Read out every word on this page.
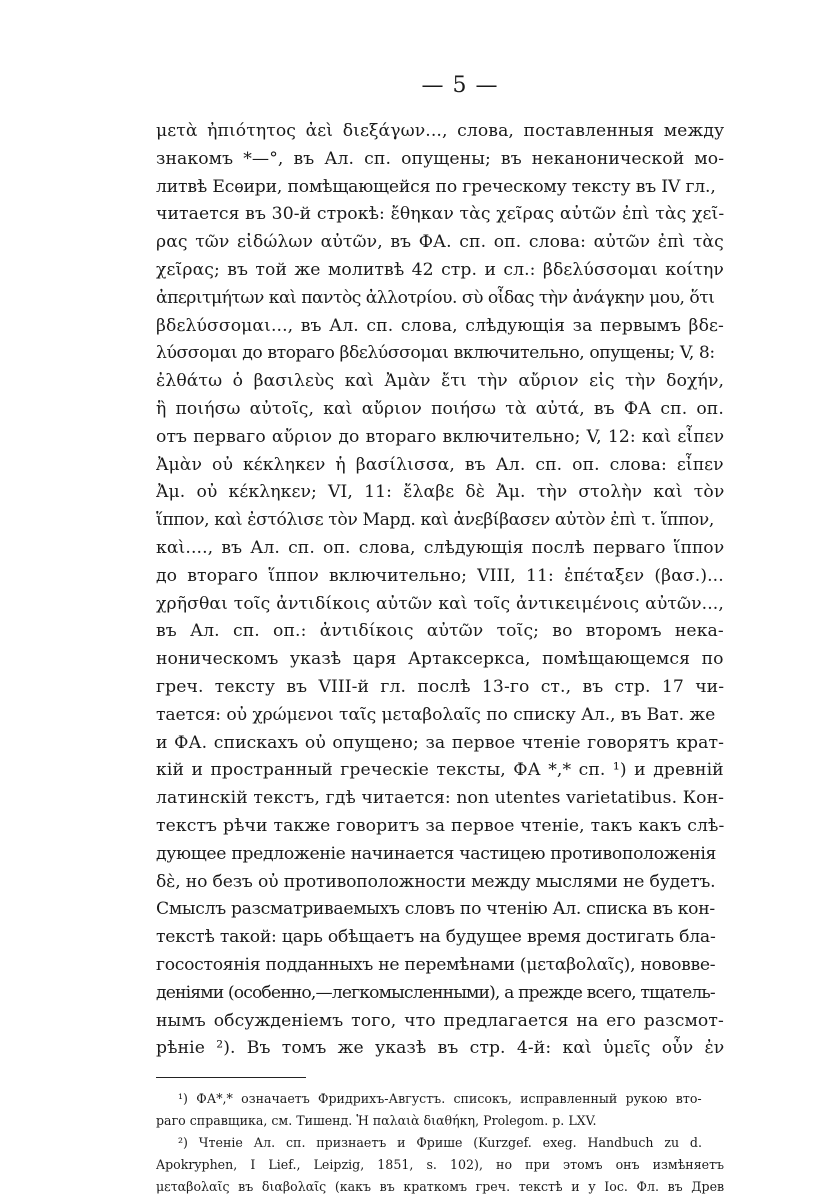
— 5 —
μετὰ ἠπιότητος ἀεὶ διεξάγων..., слова, поставленныя между
знакомъ *—°, въ Ал. сп. опущены; въ неканонической мо-
литвѣ Есѳири, помѣщающейся по греческому тексту въ IV гл.,
читается въ 30-й строкѣ: ἔθηκαν τὰς χεῖρας αὐτῶν ἐπὶ τὰς χεῖ-
ρας τῶν εἰδώλων αὐτῶν, въ ФА. сп. оп. слова: αὐτῶν ἐπὶ τὰς
χεῖρας; въ той же молитвѣ 42 стр. и сл.: βδελύσσομαι κοίτην
ἀπεριτμήτων καὶ παντὸς ἀλλοτρίου. σὺ οἶδας τὴν ἀνάγκην μου, ὅτι
βδελύσσομαι..., въ Ал. сп. слова, слѣдующія за первымъ βδε-
λύσσομαι до втораго βδελύσσομαι включительно, опущены; V, 8:
ἐλθάτω ὁ βασιλεὺς καὶ Ἀμὰν ἔτι τὴν αὔριον εἰς τὴν δοχήν,
ἣ ποιήσω αὐτοῖς, καὶ αὔριον ποιήσω τὰ αὐτά, въ ФА сп. оп.
отъ перваго αὔριον до втораго включительно; V, 12: καὶ εἶπεν
Ἀμὰν οὐ κέκληκεν ἡ βασίλισσα, въ Ал. сп. оп. слова: εἶπεν
Ἀμ. οὐ κέκληκεν; VI, 11: ἔλαβε δὲ Ἀμ. τὴν στολὴν καὶ τὸν
ἵππον, καὶ ἐστόλισε τὸν Мард. καὶ ἀνεβίβασεν αὐτὸν ἐπὶ τ. ἵππον,
καὶ...., въ Ал. сп. оп. слова, слѣдующія послѣ перваго ἵππον
до втораго ἵππον включительно; VIII, 11: ἐπέταξεν (βασ.)...
χρῆσθαι τοῖς ἀντιδίκοις αὐτῶν καὶ τοῖς ἀντικειμένοις αὐτῶν...,
въ Ал. сп. оп.: ἀντιδίκοις αὐτῶν τοῖς; во второмъ нека-
ноническомъ указѣ царя Артаксеркса, помѣщающемся по
греч. тексту въ VIII-й гл. послѣ 13-го ст., въ стр. 17 чи-
тается: οὐ χρώμενοι ταῖς μεταβολαῖς по списку Ал., въ Ват. же
и ФА. спискахъ οὐ опущено; за первое чтеніе говорятъ крат-
кій и пространный греческіе тексты, ФА *,* сп. ¹) и древній
латинскій текстъ, гдѣ читается: non utentes varietatibus. Кон-
текстъ рѣчи также говоритъ за первое чтеніе, такъ какъ слѣ-
дующее предложеніе начинается частицею противоположенія
δὲ, но безъ οὐ противоположности между мыслями не будетъ.
Смыслъ разсматриваемыхъ словъ по чтенію Ал. списка въ кон-
текстѣ такой: царь обѣщаетъ на будущее время достигать бла-
госостоянія подданныхъ не перемѣнами (μεταβολαῖς), нововве-
деніями (особенно,—легкомысленными), а прежде всего, тщатель-
нымъ обсужденіемъ того, что предлагается на его разсмот-
рѣніе ²). Въ томъ же указѣ въ стр. 4-й: καὶ ὑμεῖς οὖν ἐν
¹) ФА*,* означаетъ Фридрихъ-Августъ. списокъ, исправленный рукою вто-
раго справщика, см. Тишенд. Ἡ παλαιὰ διαθήκη, Prolegom. p. LXV.
²) Чтеніе Ал. сп. признаетъ и Фрише (Kurzgef. exeg. Handbuch zu d.
Apokryphen, I Lief., Leipzig, 1851, s. 102), но при этомъ онъ измѣняетъ
μεταβολαῖς въ διαβολαῖς (какъ въ краткомъ греч. текстѣ и у Іос. Фл. въ Древ
